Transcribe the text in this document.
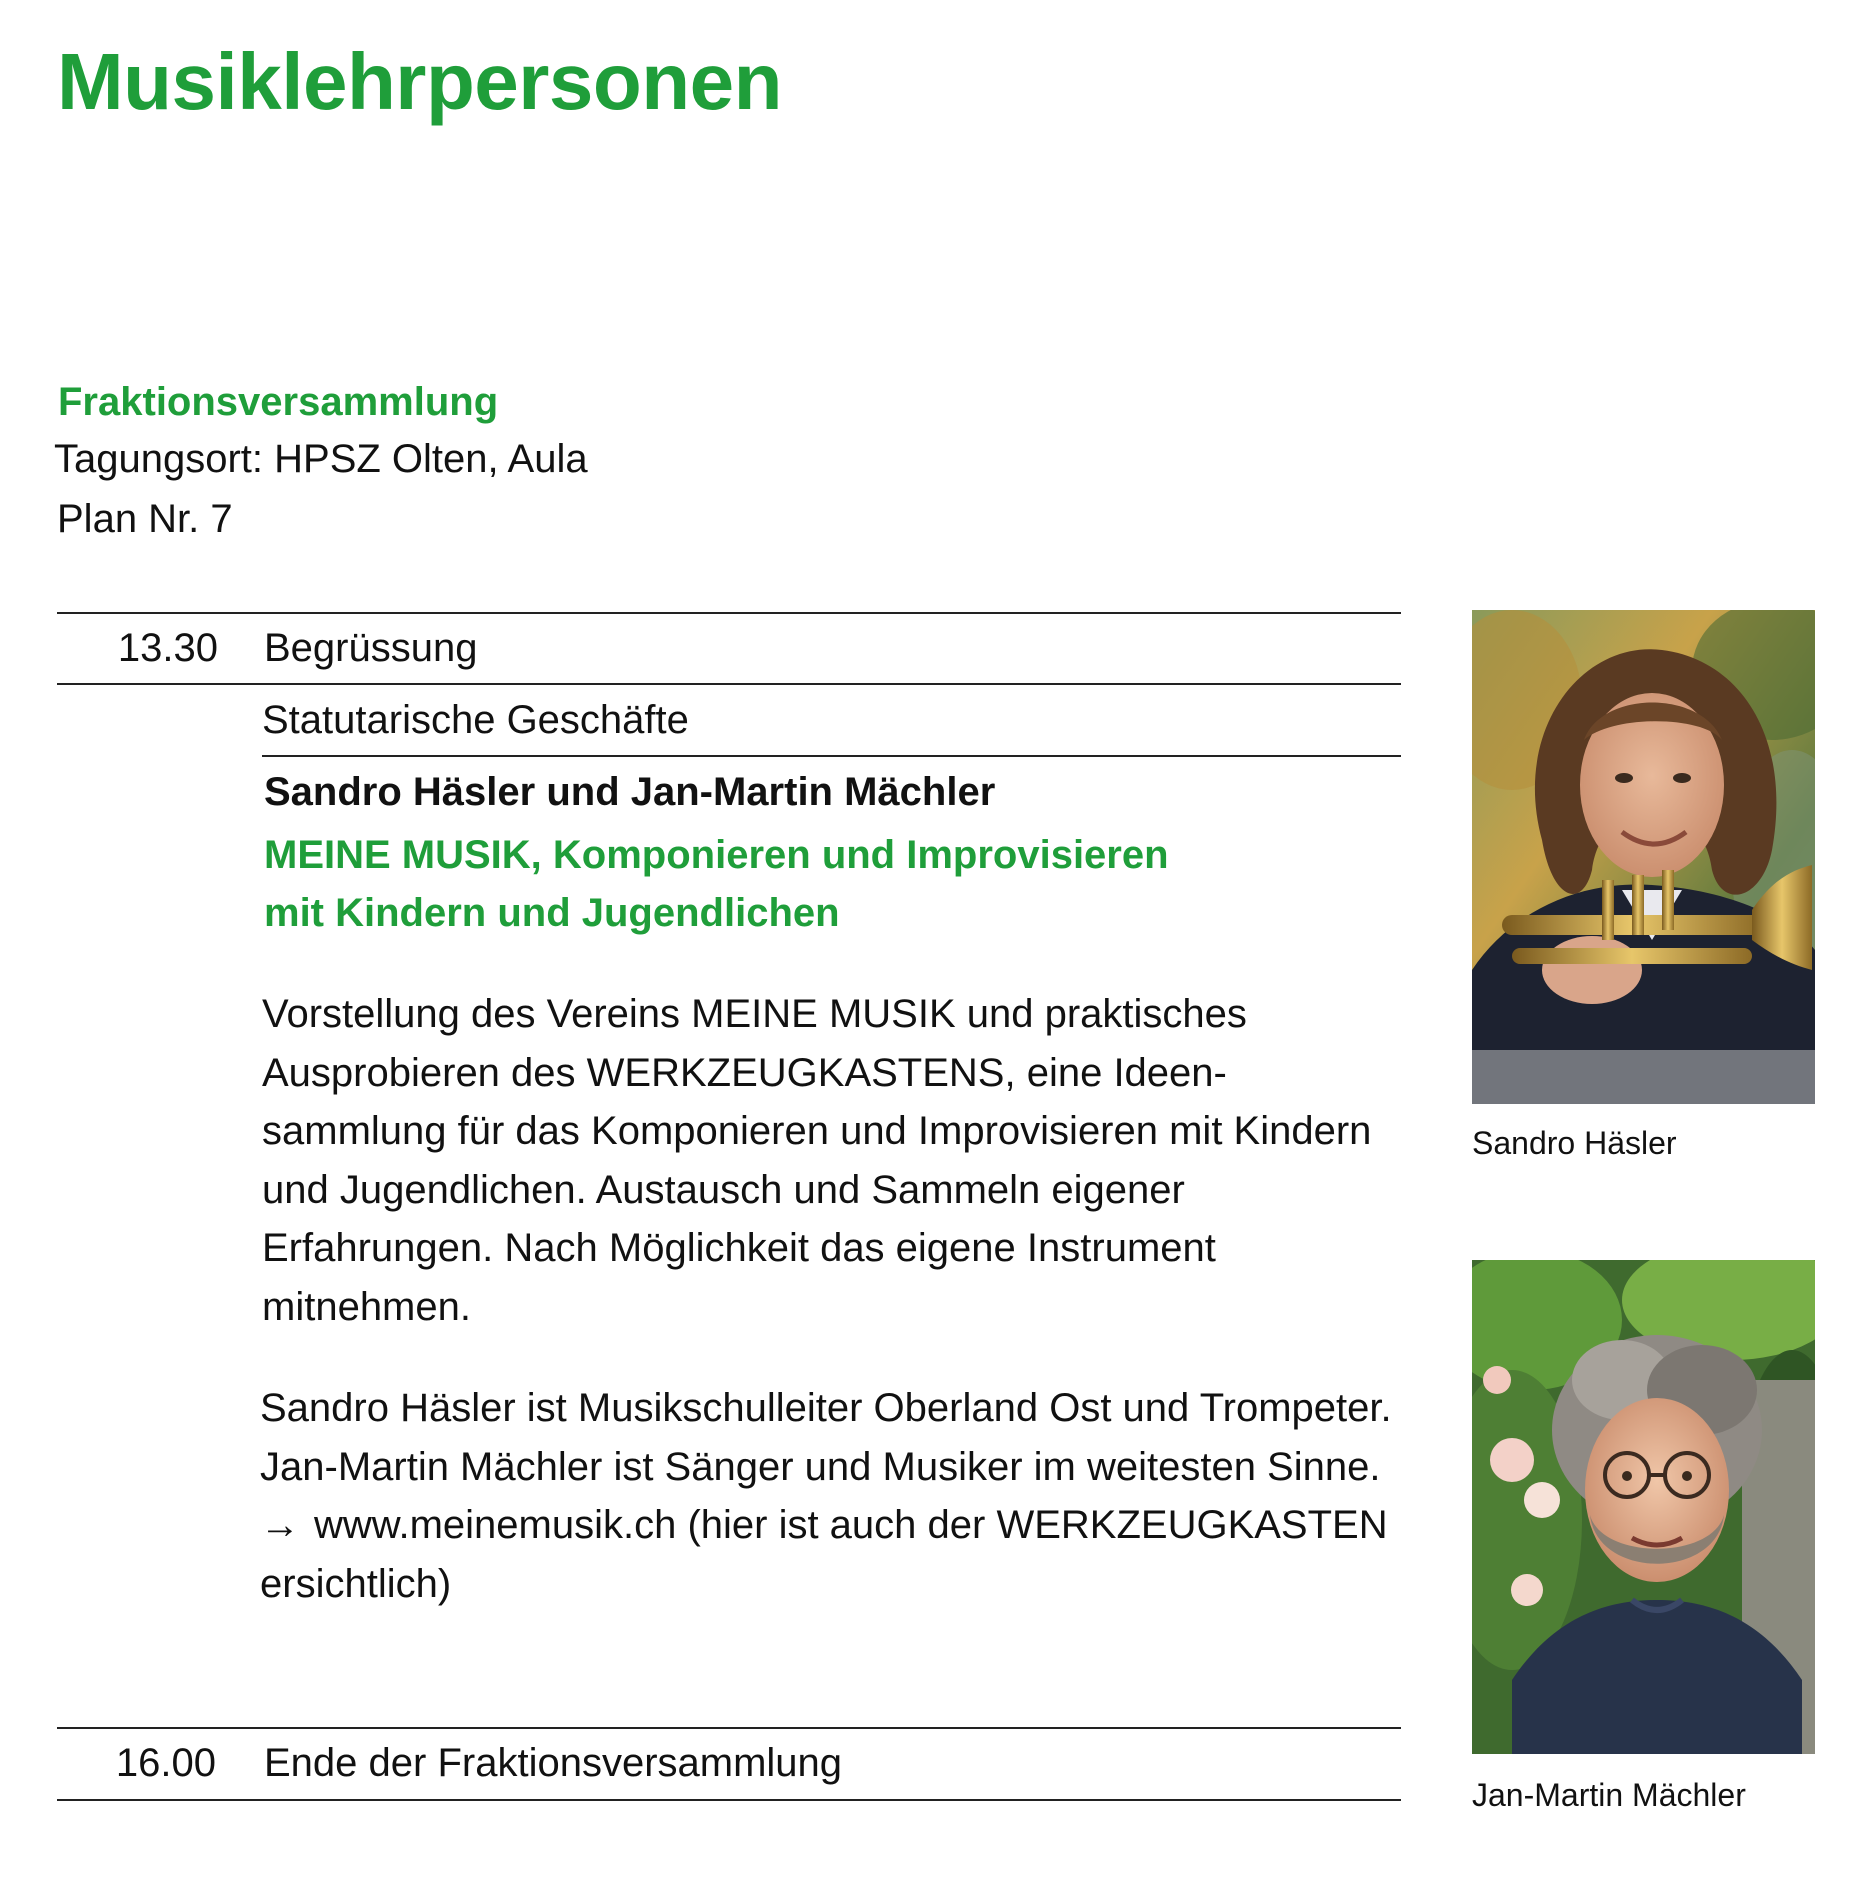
Musiklehrpersonen
Fraktionsversammlung
Tagungsort: HPSZ Olten, Aula
Plan Nr. 7
13.30 Begrüssung
Statutarische Geschäfte
Sandro Häsler und Jan-Martin Mächler
MEINE MUSIK, Komponieren und Improvisieren
mit Kindern und Jugendlichen
Vorstellung des Vereins MEINE MUSIK und praktisches Ausprobieren des WERKZEUGKASTENS, eine Ideensammlung für das Komponieren und Improvisieren mit Kindern und Jugendlichen. Austausch und Sammeln eigener Erfahrungen. Nach Möglichkeit das eigene Instrument mitnehmen.

Sandro Häsler ist Musikschulleiter Oberland Ost und Trompeter.

Jan-Martin Mächler ist Sänger und Musiker im weitesten Sinne.

→ www.meinemusik.ch (hier ist auch der WERKZEUGKASTEN ersichtlich)

16.00 Ende der Fraktionsversammlung
Sandro Häsler
Jan-Martin Mächler
